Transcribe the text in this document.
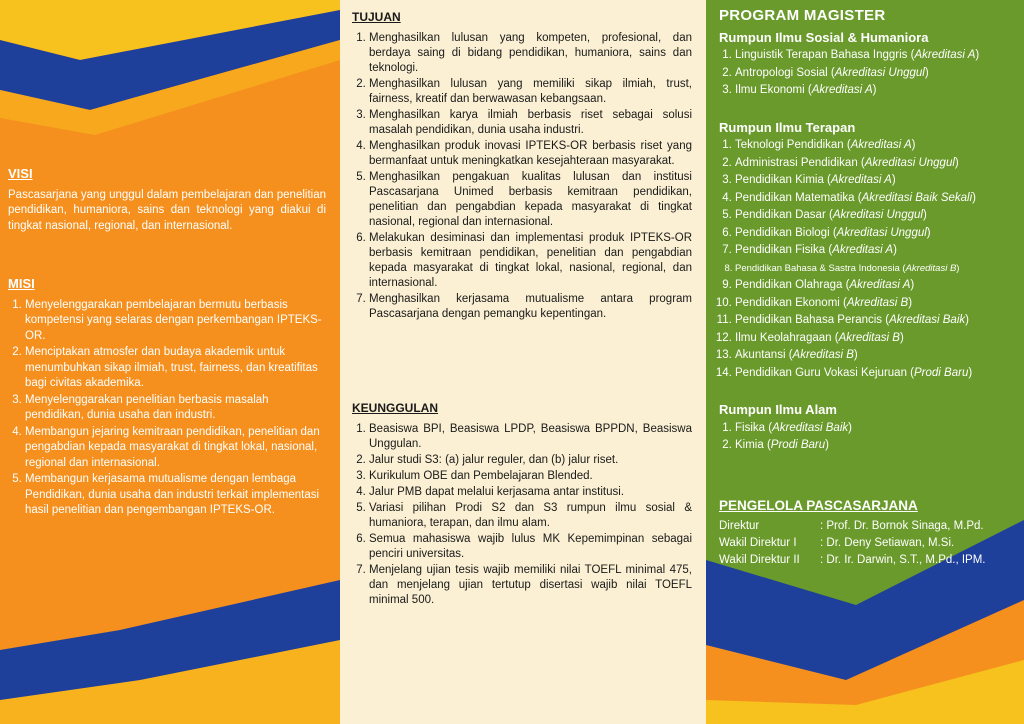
VISI

Pascasarjana yang unggul dalam pembelajaran dan penelitian pendidikan, humaniora, sains dan teknologi yang diakui di tingkat nasional, regional, dan internasional.

MISI
1. Menyelenggarakan pembelajaran bermutu berbasis kompetensi yang selaras dengan perkembangan IPTEKS-OR.
2. Menciptakan atmosfer dan budaya akademik untuk menumbuhkan sikap ilmiah, trust, fairness, dan kreatifitas bagi civitas akademika.
3. Menyelenggarakan penelitian berbasis masalah pendidikan, dunia usaha dan industri.
4. Membangun jejaring kemitraan pendidikan, penelitian dan pengabdian kepada masyarakat di tingkat lokal, nasional, regional dan internasional.
5. Membangun kerjasama mutualisme dengan lembaga Pendidikan, dunia usaha dan industri terkait implementasi hasil penelitian dan pengembangan IPTEKS-OR.
TUJUAN
1. Menghasilkan lulusan yang kompeten, profesional, dan berdaya saing di bidang pendidikan, humaniora, sains dan teknologi.
2. Menghasilkan lulusan yang memiliki sikap ilmiah, trust, fairness, kreatif dan berwawasan kebangsaan.
3. Menghasilkan karya ilmiah berbasis riset sebagai solusi masalah pendidikan, dunia usaha industri.
4. Menghasilkan produk inovasi IPTEKS-OR berbasis riset yang bermanfaat untuk meningkatkan kesejahteraan masyarakat.
5. Menghasilkan pengakuan kualitas lulusan dan institusi Pascasarjana Unimed berbasis kemitraan pendidikan, penelitian dan pengabdian kepada masyarakat di tingkat nasional, regional dan internasional.
6. Melakukan desiminasi dan implementasi produk IPTEKS-OR berbasis kemitraan pendidikan, penelitian dan pengabdian kepada masyarakat di tingkat lokal, nasional, regional, dan internasional.
7. Menghasilkan kerjasama mutualisme antara program Pascasarjana dengan pemangku kepentingan.
KEUNGGULAN
1. Beasiswa BPI, Beasiswa LPDP, Beasiswa BPPDN, Beasiswa Unggulan.
2. Jalur studi S3: (a) jalur reguler, dan (b) jalur riset.
3. Kurikulum OBE dan Pembelajaran Blended.
4. Jalur PMB dapat melalui kerjasama antar institusi.
5. Variasi pilihan Prodi S2 dan S3 rumpun ilmu sosial & humaniora, terapan, dan ilmu alam.
6. Semua mahasiswa wajib lulus MK Kepemimpinan sebagai penciri universitas.
7. Menjelang ujian tesis wajib memiliki nilai TOEFL minimal 475, dan menjelang ujian tertutup disertasi wajib nilai TOEFL minimal 500.
PROGRAM MAGISTER
Rumpun Ilmu Sosial & Humaniora
1. Linguistik Terapan Bahasa Inggris (Akreditasi A)
2. Antropologi Sosial (Akreditasi Unggul)
3. Ilmu Ekonomi (Akreditasi A)
Rumpun Ilmu Terapan
1. Teknologi Pendidikan (Akreditasi A)
2. Administrasi Pendidikan (Akreditasi Unggul)
3. Pendidikan Kimia (Akreditasi A)
4. Pendidikan Matematika (Akreditasi Baik Sekali)
5. Pendidikan Dasar (Akreditasi Unggul)
6. Pendidikan Biologi (Akreditasi Unggul)
7. Pendidikan Fisika (Akreditasi A)
8. Pendidikan Bahasa & Sastra Indonesia (Akreditasi B)
9. Pendidikan Olahraga (Akreditasi A)
10. Pendidikan Ekonomi (Akreditasi B)
11. Pendidikan Bahasa Perancis (Akreditasi Baik)
12. Ilmu Keolahragaan (Akreditasi B)
13. Akuntansi (Akreditasi B)
14. Pendidikan Guru Vokasi Kejuruan (Prodi Baru)
Rumpun Ilmu Alam
1. Fisika (Akreditasi Baik)
2. Kimia (Prodi Baru)
PENGELOLA PASCASARJANA
Direktur	: Prof. Dr. Bornok Sinaga, M.Pd.
Wakil Direktur I	: Dr. Deny Setiawan, M.Si.
Wakil Direktur II	: Dr. Ir. Darwin, S.T., M.Pd., IPM.
